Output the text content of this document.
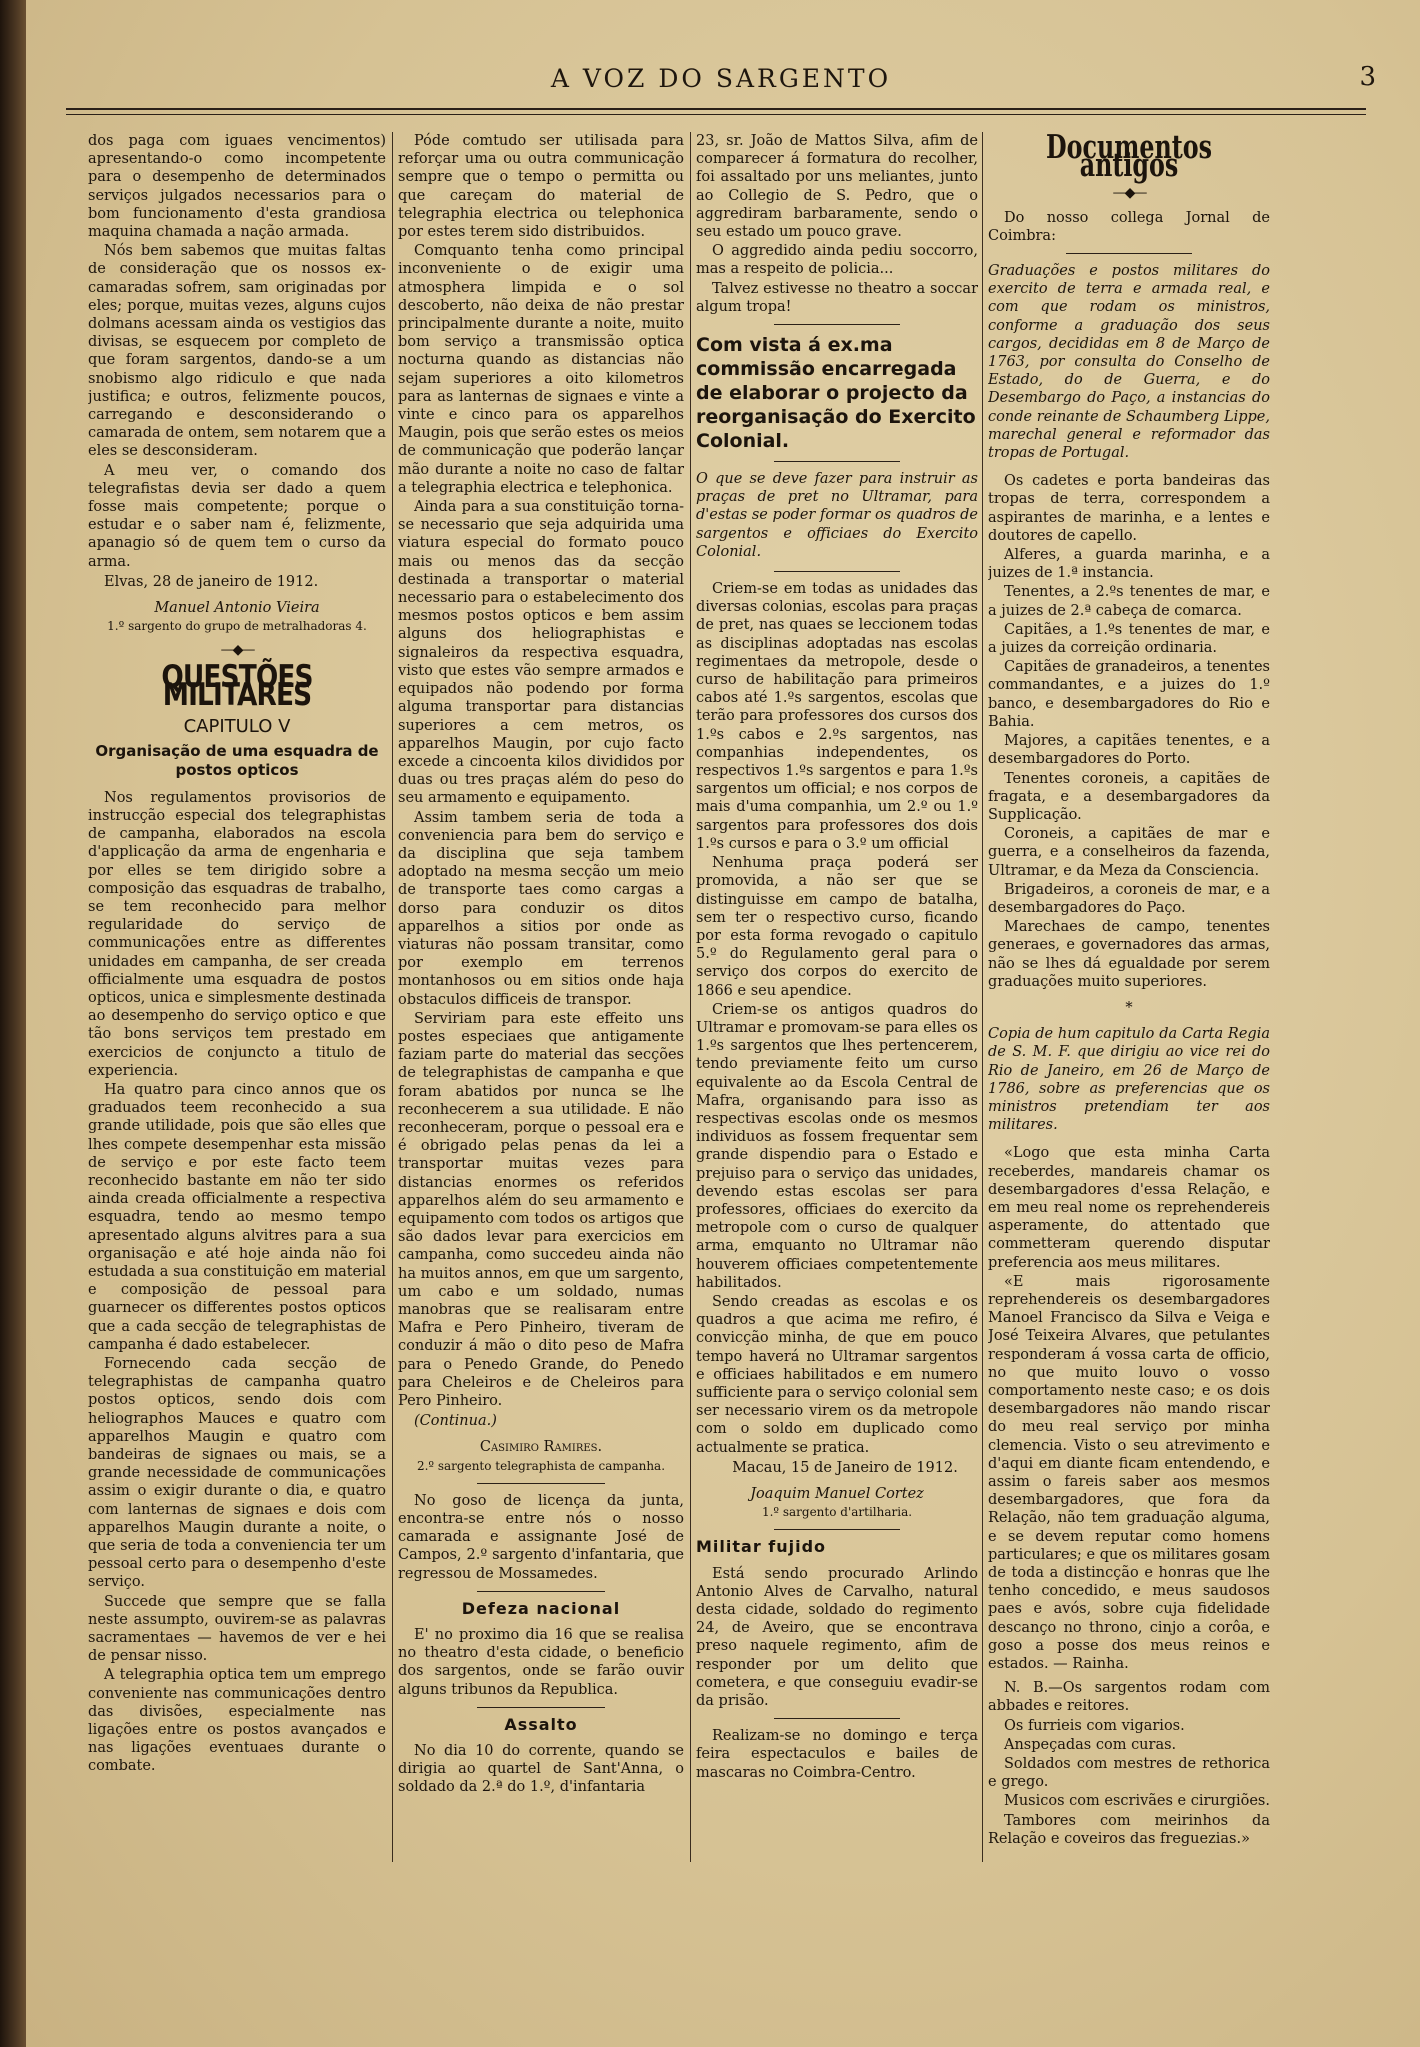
A VOZ DO SARGENTO	3

dos paga com iguaes vencimentos) apresentando-o como incompetente para o desempenho de determinados serviços julgados necessarios para o bom funcionamento d'esta grandiosa maquina chamada a nação armada.

Nós bem sabemos que muitas faltas de consideração que os nossos ex-camaradas sofrem, sam originadas por eles; porque, muitas vezes, alguns cujos dolmans acessam ainda os vestigios das divisas, se esquecem por completo de que foram sargentos, dando-se a um snobismo algo ridiculo e que nada justifica; e outros, felizmente poucos, carregando e desconsiderando o camarada de ontem, sem notarem que a eles se desconsideram.

A meu ver, o comando dos telegrafistas devia ser dado a quem fosse mais competente; porque o estudar e o saber nam é, felizmente, apanagio só de quem tem o curso da arma.

Elvas, 28 de janeiro de 1912.
Manuel Antonio Vieira
1.º sargento do grupo de metralhadoras 4.
—◆—
QUESTÕES MILITARES
CAPITULO V
Organisação de uma esquadra de postos opticos

Nos regulamentos provisorios de instrucção especial dos telegraphistas de campanha, elaborados na escola d'applicação da arma de engenharia e por elles se tem dirigido sobre a composição das esquadras de trabalho, se tem reconhecido para melhor regularidade do serviço de communicações entre as differentes unidades em campanha, de ser creada officialmente uma esquadra de postos opticos, unica e simplesmente destinada ao desempenho do serviço optico e que tão bons serviços tem prestado em exercicios de conjuncto a titulo de experiencia.

Ha quatro para cinco annos que os graduados teem reconhecido a sua grande utilidade, pois que são elles que lhes compete desempenhar esta missão de serviço e por este facto teem reconhecido bastante em não ter sido ainda creada officialmente a respectiva esquadra, tendo ao mesmo tempo apresentado alguns alvitres para a sua organisação e até hoje ainda não foi estudada a sua constituição em material e composição de pessoal para guarnecer os differentes postos opticos que a cada secção de telegraphistas de campanha é dado estabelecer.

Fornecendo cada secção de telegraphistas de campanha quatro postos opticos, sendo dois com heliographos Mauces e quatro com apparelhos Maugin e quatro com bandeiras de signaes ou mais, se a grande necessidade de communicações assim o exigir durante o dia, e quatro com lanternas de signaes e dois com apparelhos Maugin durante a noite, o que seria de toda a conveniencia ter um pessoal certo para o desempenho d'este serviço.

Succede que sempre que se falla neste assumpto, ouvirem-se as palavras sacramentaes — havemos de ver e hei de pensar nisso.

A telegraphia optica tem um emprego conveniente nas communicações dentro das divisões, especialmente nas ligações entre os postos avançados e nas ligações eventuaes durante o combate.

Póde comtudo ser utilisada para reforçar uma ou outra communicação sempre que o tempo o permitta ou que careçam do material de telegraphia electrica ou telephonica por estes terem sido distribuidos.

Comquanto tenha como principal inconveniente o de exigir uma atmosphera limpida e o sol descoberto, não deixa de não prestar principalmente durante a noite, muito bom serviço a transmissão optica nocturna quando as distancias não sejam superiores a oito kilometros para as lanternas de signaes e vinte a vinte e cinco para os apparelhos Maugin, pois que serão estes os meios de communicação que poderão lançar mão durante a noite no caso de faltar a telegraphia electrica e telephonica.

Ainda para a sua constituição torna-se necessario que seja adquirida uma viatura especial do formato pouco mais ou menos das da secção destinada a transportar o material necessario para o estabelecimento dos mesmos postos opticos e bem assim alguns dos heliographistas e signaleiros da respectiva esquadra, visto que estes vão sempre armados e equipados não podendo por forma alguma transportar para distancias superiores a cem metros, os apparelhos Maugin, por cujo facto excede a cincoenta kilos divididos por duas ou tres praças além do peso do seu armamento e equipamento.

Assim tambem seria de toda a conveniencia para bem do serviço e da disciplina que seja tambem adoptado na mesma secção um meio de transporte taes como cargas a dorso para conduzir os ditos apparelhos a sitios por onde as viaturas não possam transitar, como por exemplo em terrenos montanhosos ou em sitios onde haja obstaculos difficeis de transpor.

Serviriam para este effeito uns postes especiaes que antigamente faziam parte do material das secções de telegraphistas de campanha e que foram abatidos por nunca se lhe reconhecerem a sua utilidade. E não reconheceram, porque o pessoal era e é obrigado pelas penas da lei a transportar muitas vezes para distancias enormes os referidos apparelhos além do seu armamento e equipamento com todos os artigos que são dados levar para exercicios em campanha, como succedeu ainda não ha muitos annos, em que um sargento, um cabo e um soldado, numas manobras que se realisaram entre Mafra e Pero Pinheiro, tiveram de conduzir á mão o dito peso de Mafra para o Penedo Grande, do Penedo para Cheleiros e de Cheleiros para Pero Pinheiro.

(Continua.)
Casimiro Ramires.
2.º sargento telegraphista de campanha.

No goso de licença da junta, encontra-se entre nós o nosso camarada e assignante José de Campos, 2.º sargento d'infantaria, que regressou de Mossamedes.

Defeza nacional

E' no proximo dia 16 que se realisa no theatro d'esta cidade, o beneficio dos sargentos, onde se farão ouvir alguns tribunos da Republica.

Assalto

No dia 10 do corrente, quando se dirigia ao quartel de Sant'Anna, o soldado da 2.ª do 1.º, d'infantaria

23, sr. João de Mattos Silva, afim de comparecer á formatura do recolher, foi assaltado por uns meliantes, junto ao Collegio de S. Pedro, que o aggrediram barbaramente, sendo o seu estado um pouco grave.

O aggredido ainda pediu soccorro, mas a respeito de policia...

Talvez estivesse no theatro a soccar algum tropa!

Com vista á ex.ma commissão encarregada de elaborar o projecto da reorganisação do Exercito Colonial.
O que se deve fazer para instruir as praças de pret no Ultramar, para d'estas se poder formar os quadros de sargentos e officiaes do Exercito Colonial.

Criem-se em todas as unidades das diversas colonias, escolas para praças de pret, nas quaes se leccionem todas as disciplinas adoptadas nas escolas regimentaes da metropole, desde o curso de habilitação para primeiros cabos até 1.ºs sargentos, escolas que terão para professores dos cursos dos 1.ºs cabos e 2.ºs sargentos, nas companhias independentes, os respectivos 1.ºs sargentos e para 1.ºs sargentos um official; e nos corpos de mais d'uma companhia, um 2.º ou 1.º sargentos para professores dos dois 1.ºs cursos e para o 3.º um official

Nenhuma praça poderá ser promovida, a não ser que se distinguisse em campo de batalha, sem ter o respectivo curso, ficando por esta forma revogado o capitulo 5.º do Regulamento geral para o serviço dos corpos do exercito de 1866 e seu apendice.

Criem-se os antigos quadros do Ultramar e promovam-se para elles os 1.ºs sargentos que lhes pertencerem, tendo previamente feito um curso equivalente ao da Escola Central de Mafra, organisando para isso as respectivas escolas onde os mesmos individuos as fossem frequentar sem grande dispendio para o Estado e prejuiso para o serviço das unidades, devendo estas escolas ser para professores, officiaes do exercito da metropole com o curso de qualquer arma, emquanto no Ultramar não houverem officiaes competentemente habilitados.

Sendo creadas as escolas e os quadros a que acima me refiro, é convicção minha, de que em pouco tempo haverá no Ultramar sargentos e officiaes habilitados e em numero sufficiente para o serviço colonial sem ser necessario virem os da metropole com o soldo em duplicado como actualmente se pratica.

Macau, 15 de Janeiro de 1912.
Joaquim Manuel Cortez
1.º sargento d'artilharia.
Militar fujido

Está sendo procurado Arlindo Antonio Alves de Carvalho, natural desta cidade, soldado do regimento 24, de Aveiro, que se encontrava preso naquele regimento, afim de responder por um delito que cometera, e que conseguiu evadir-se da prisão.

Realizam-se no domingo e terça feira espectaculos e bailes de mascaras no Coimbra-Centro.

Documentos antigos
—◆—

Do nosso collega Jornal de Coimbra:

Graduações e postos militares do exercito de terra e armada real, e com que rodam os ministros, conforme a graduação dos seus cargos, decididas em 8 de Março de 1763, por consulta do Conselho de Estado, do de Guerra, e do Desembargo do Paço, a instancias do conde reinante de Schaumberg Lippe, marechal general e reformador das tropas de Portugal.

Os cadetes e porta bandeiras das tropas de terra, correspondem a aspirantes de marinha, e a lentes e doutores de capello.

Alferes, a guarda marinha, e a juizes de 1.ª instancia.

Tenentes, a 2.ºs tenentes de mar, e a juizes de 2.ª cabeça de comarca.

Capitães, a 1.ºs tenentes de mar, e a juizes da correição ordinaria.

Capitães de granadeiros, a tenentes commandantes, e a juizes do 1.º banco, e desembargadores do Rio e Bahia.

Majores, a capitães tenentes, e a desembargadores do Porto.

Tenentes coroneis, a capitães de fragata, e a desembargadores da Supplicação.

Coroneis, a capitães de mar e guerra, e a conselheiros da fazenda, Ultramar, e da Meza da Consciencia.

Brigadeiros, a coroneis de mar, e a desembargadores do Paço.

Marechaes de campo, tenentes generaes, e governadores das armas, não se lhes dá egualdade por serem graduações muito superiores.

*
Copia de hum capitulo da Carta Regia de S. M. F. que dirigiu ao vice rei do Rio de Janeiro, em 26 de Março de 1786, sobre as preferencias que os ministros pretendiam ter aos militares.

«Logo que esta minha Carta receberdes, mandareis chamar os desembargadores d'essa Relação, e em meu real nome os reprehendereis asperamente, do attentado que commetteram querendo disputar preferencia aos meus militares.

«E mais rigorosamente reprehendereis os desembargadores Manoel Francisco da Silva e Veiga e José Teixeira Alvares, que petulantes responderam á vossa carta de officio, no que muito louvo o vosso comportamento neste caso; e os dois desembargadores não mando riscar do meu real serviço por minha clemencia. Visto o seu atrevimento e d'aqui em diante ficam entendendo, e assim o fareis saber aos mesmos desembargadores, que fora da Relação, não tem graduação alguma, e se devem reputar como homens particulares; e que os militares gosam de toda a distincção e honras que lhe tenho concedido, e meus saudosos paes e avós, sobre cuja fidelidade descanço no throno, cinjo a corôa, e goso a posse dos meus reinos e estados. — Rainha.

N. B.—Os sargentos rodam com abbades e reitores.

Os furrieis com vigarios.

Anspeçadas com curas.

Soldados com mestres de rethorica e grego.

Musicos com escrivães e cirurgiões.

Tambores com meirinhos da Relação e coveiros das freguezias.»
